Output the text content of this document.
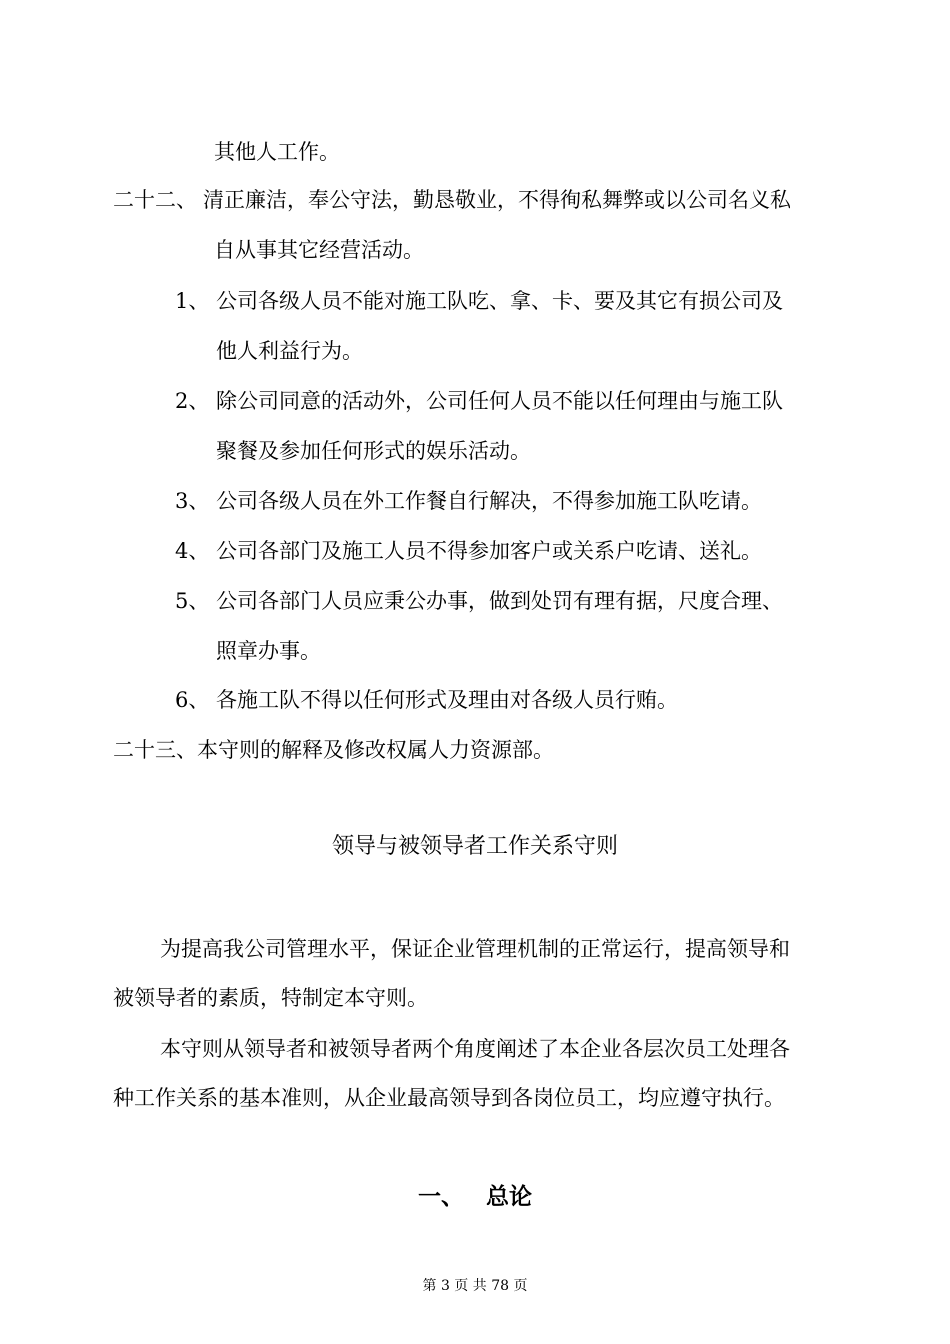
其他人工作。
二十二、 清正廉洁，奉公守法，勤恳敬业，不得徇私舞弊或以公司名义私
自从事其它经营活动。
1、 公司各级人员不能对施工队吃、拿、卡、要及其它有损公司及
他人利益行为。
2、 除公司同意的活动外，公司任何人员不能以任何理由与施工队
聚餐及参加任何形式的娱乐活动。
3、 公司各级人员在外工作餐自行解决，不得参加施工队吃请。
4、 公司各部门及施工人员不得参加客户或关系户吃请、送礼。
5、 公司各部门人员应秉公办事，做到处罚有理有据，尺度合理、
照章办事。
6、 各施工队不得以任何形式及理由对各级人员行贿。
二十三、本守则的解释及修改权属人力资源部。
领导与被领导者工作关系守则
为提高我公司管理水平，保证企业管理机制的正常运行，提高领导和
被领导者的素质，特制定本守则。
本守则从领导者和被领导者两个角度阐述了本企业各层次员工处理各
种工作关系的基本准则，从企业最高领导到各岗位员工，均应遵守执行。
一、 总论
第 3 页 共 78 页
